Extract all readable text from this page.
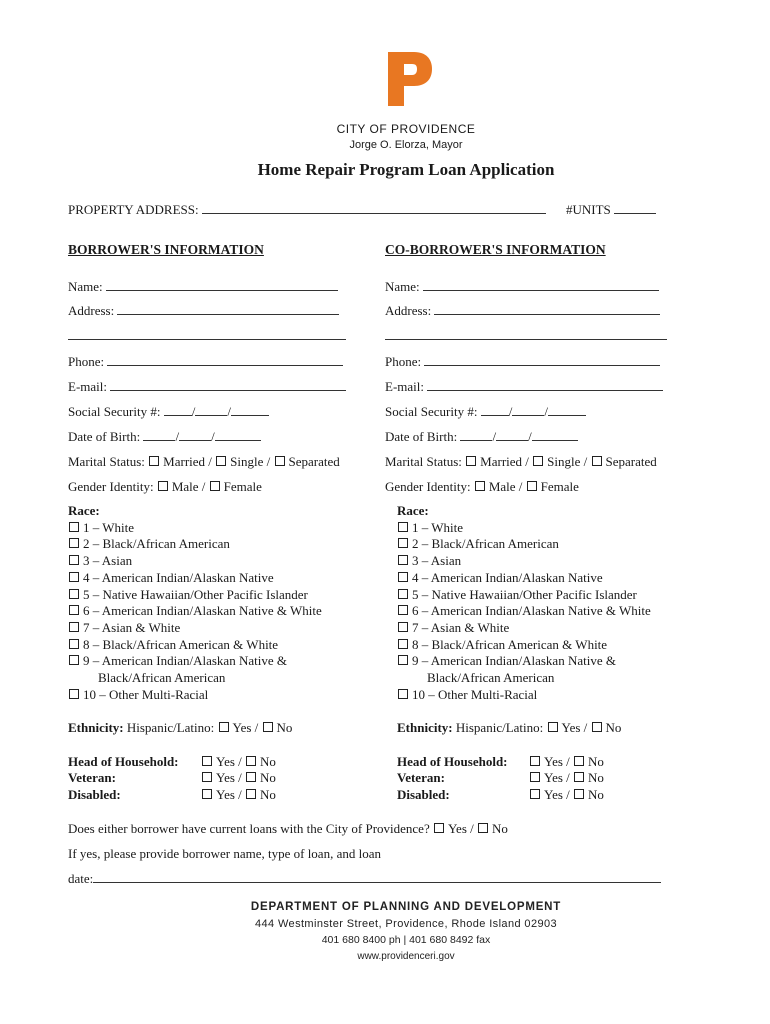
CITY OF PROVIDENCE
Jorge O. Elorza, Mayor
Home Repair Program Loan Application
PROPERTY ADDRESS:	#UNITS
BORROWER'S INFORMATION
Name:
Address:
Phone:
E-mail:
Social Security #: / /
Date of Birth:	/ /
Marital Status: Married / Single / Separated
Gender Identity: Male / Female
CO-BORROWER'S INFORMATION
Name:
Address:
Phone:
E-mail:
Social Security #: / /
Date of Birth:	/ /
Marital Status: Married / Single / Separated
Gender Identity: Male / Female
Race:
1 – White
2 – Black/African American
3 – Asian
4 – American Indian/Alaskan Native
5 – Native Hawaiian/Other Pacific Islander
6 – American Indian/Alaskan Native & White
7 – Asian & White
8 – Black/African American & White
9 – American Indian/Alaskan Native &
Black/African American
10 – Other Multi-Racial
Race:
1 – White
2 – Black/African American
3 – Asian
4 – American Indian/Alaskan Native
5 – Native Hawaiian/Other Pacific Islander
6 – American Indian/Alaskan Native & White
7 – Asian & White
8 – Black/African American & White
9 – American Indian/Alaskan Native &
Black/African American
10 – Other Multi-Racial
Ethnicity: Hispanic/Latino: Yes / No	Ethnicity: Hispanic/Latino: Yes / No
Head of Household:	Yes / No
Veteran:	Yes / No
Disabled:	Yes / No
Head of Household:	Yes / No
Veteran:	Yes / No
Disabled:	Yes / No
Does either borrower have current loans with the City of Providence? Yes / No
If yes, please provide borrower name, type of loan, and loan
date:
DEPARTMENT OF PLANNING AND DEVELOPMENT
444 Westminster Street, Providence, Rhode Island 02903
401 680 8400 ph | 401 680 8492 fax
www.providenceri.gov
